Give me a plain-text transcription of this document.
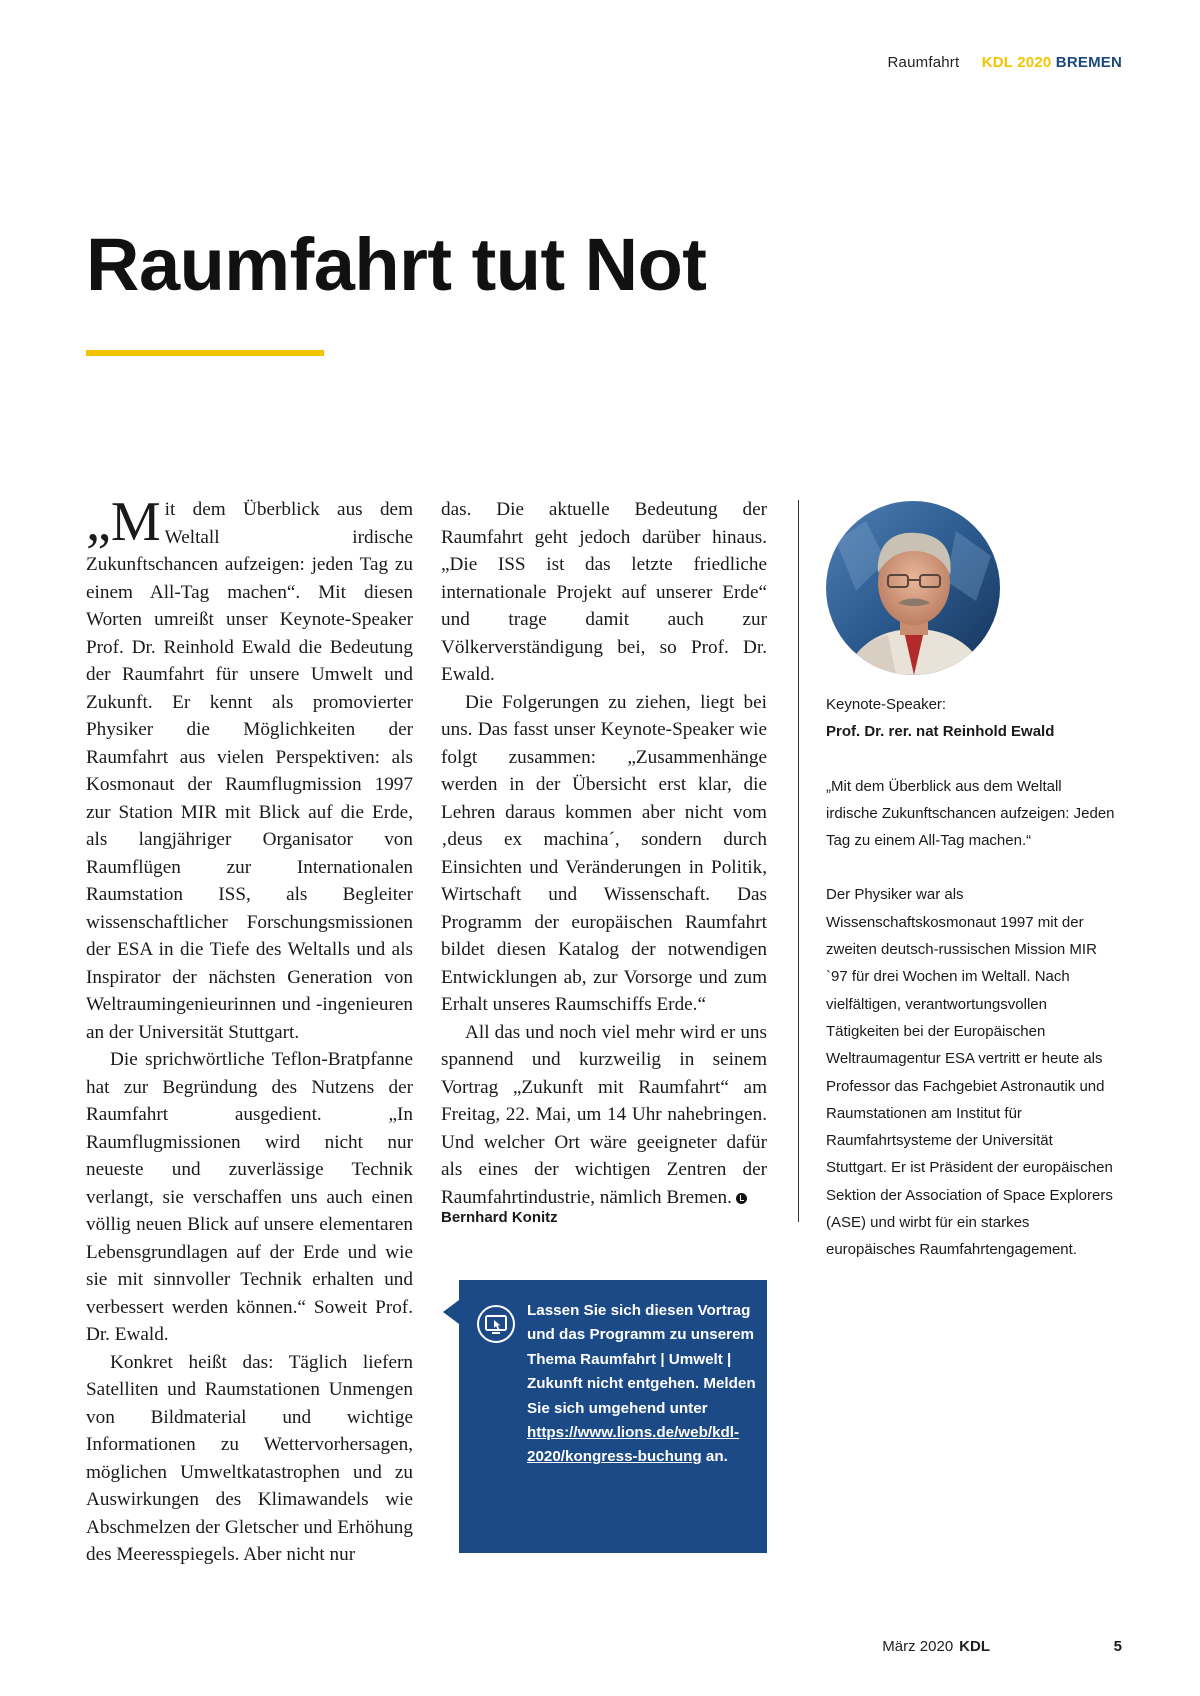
Raumfahrt KDL 2020 BREMEN
Raumfahrt tut Not

„Mit dem Überblick aus dem Weltall irdische Zukunftschancen aufzeigen: jeden Tag zu einem All-Tag machen“. Mit diesen Worten umreißt unser Keynote-Speaker Prof. Dr. Reinhold Ewald die Bedeutung der Raumfahrt für unsere Umwelt und Zukunft. Er kennt als promovierter Physiker die Möglichkeiten der Raumfahrt aus vielen Perspektiven: als Kosmonaut der Raumflugmission 1997 zur Station MIR mit Blick auf die Erde, als langjähriger Organisator von Raumflügen zur Internationalen Raumstation ISS, als Begleiter wissenschaftlicher Forschungsmissionen der ESA in die Tiefe des Weltalls und als Inspirator der nächsten Generation von Weltraumingenieurinnen und -ingenieuren an der Universität Stuttgart.

Die sprichwörtliche Teflon-Bratpfanne hat zur Begründung des Nutzens der Raumfahrt ausgedient. „In Raumflugmissionen wird nicht nur neueste und zuverlässige Technik verlangt, sie verschaffen uns auch einen völlig neuen Blick auf unsere elementaren Lebensgrundlagen auf der Erde und wie sie mit sinnvoller Technik erhalten und verbessert werden können.“ Soweit Prof. Dr. Ewald.

Konkret heißt das: Täglich liefern Satelliten und Raumstationen Unmengen von Bildmaterial und wichtige Informationen zu Wettervorhersagen, möglichen Umweltkatastrophen und zu Auswirkungen des Klimawandels wie Abschmelzen der Gletscher und Erhöhung des Meeresspiegels. Aber nicht nur

das. Die aktuelle Bedeutung der Raumfahrt geht jedoch darüber hinaus. „Die ISS ist das letzte friedliche internationale Projekt auf unserer Erde“ und trage damit auch zur Völkerverständigung bei, so Prof. Dr. Ewald.

Die Folgerungen zu ziehen, liegt bei uns. Das fasst unser Keynote-Speaker wie folgt zusammen: „Zusammenhänge werden in der Übersicht erst klar, die Lehren daraus kommen aber nicht vom ‚deus ex machina´, sondern durch Einsichten und Veränderungen in Politik, Wirtschaft und Wissenschaft. Das Programm der europäischen Raumfahrt bildet diesen Katalog der notwendigen Entwicklungen ab, zur Vorsorge und zum Erhalt unseres Raumschiffs Erde.“

All das und noch viel mehr wird er uns spannend und kurzweilig in seinem Vortrag „Zukunft mit Raumfahrt“ am Freitag, 22. Mai, um 14 Uhr nahebringen. Und welcher Ort wäre geeigneter dafür als eines der wichtigen Zentren der Raumfahrtindustrie, nämlich Bremen.

Bernhard Konitz

Keynote-Speaker:

Prof. Dr. rer. nat Reinhold Ewald

„Mit dem Überblick aus dem Weltall irdische Zukunftschancen aufzeigen: Jeden Tag zu einem All-Tag machen.“

Der Physiker war als Wissenschaftskosmonaut 1997 mit der zweiten deutsch-russischen Mission MIR `97 für drei Wochen im Weltall. Nach vielfältigen, verantwortungsvollen Tätigkeiten bei der Europäischen Weltraumagentur ESA vertritt er heute als Professor das Fachgebiet Astronautik und Raumstationen am Institut für Raumfahrtsysteme der Universität Stuttgart. Er ist Präsident der europäischen Sektion der Association of Space Explorers (ASE) und wirbt für ein starkes europäisches Raumfahrtengagement.

Lassen Sie sich diesen Vortrag und das Programm zu unserem Thema Raumfahrt | Umwelt | Zukunft nicht entgehen. Melden Sie sich umgehend unter https://www.lions.de/web/kdl-2020/kongress-buchung an.
März 2020 KDL	5
